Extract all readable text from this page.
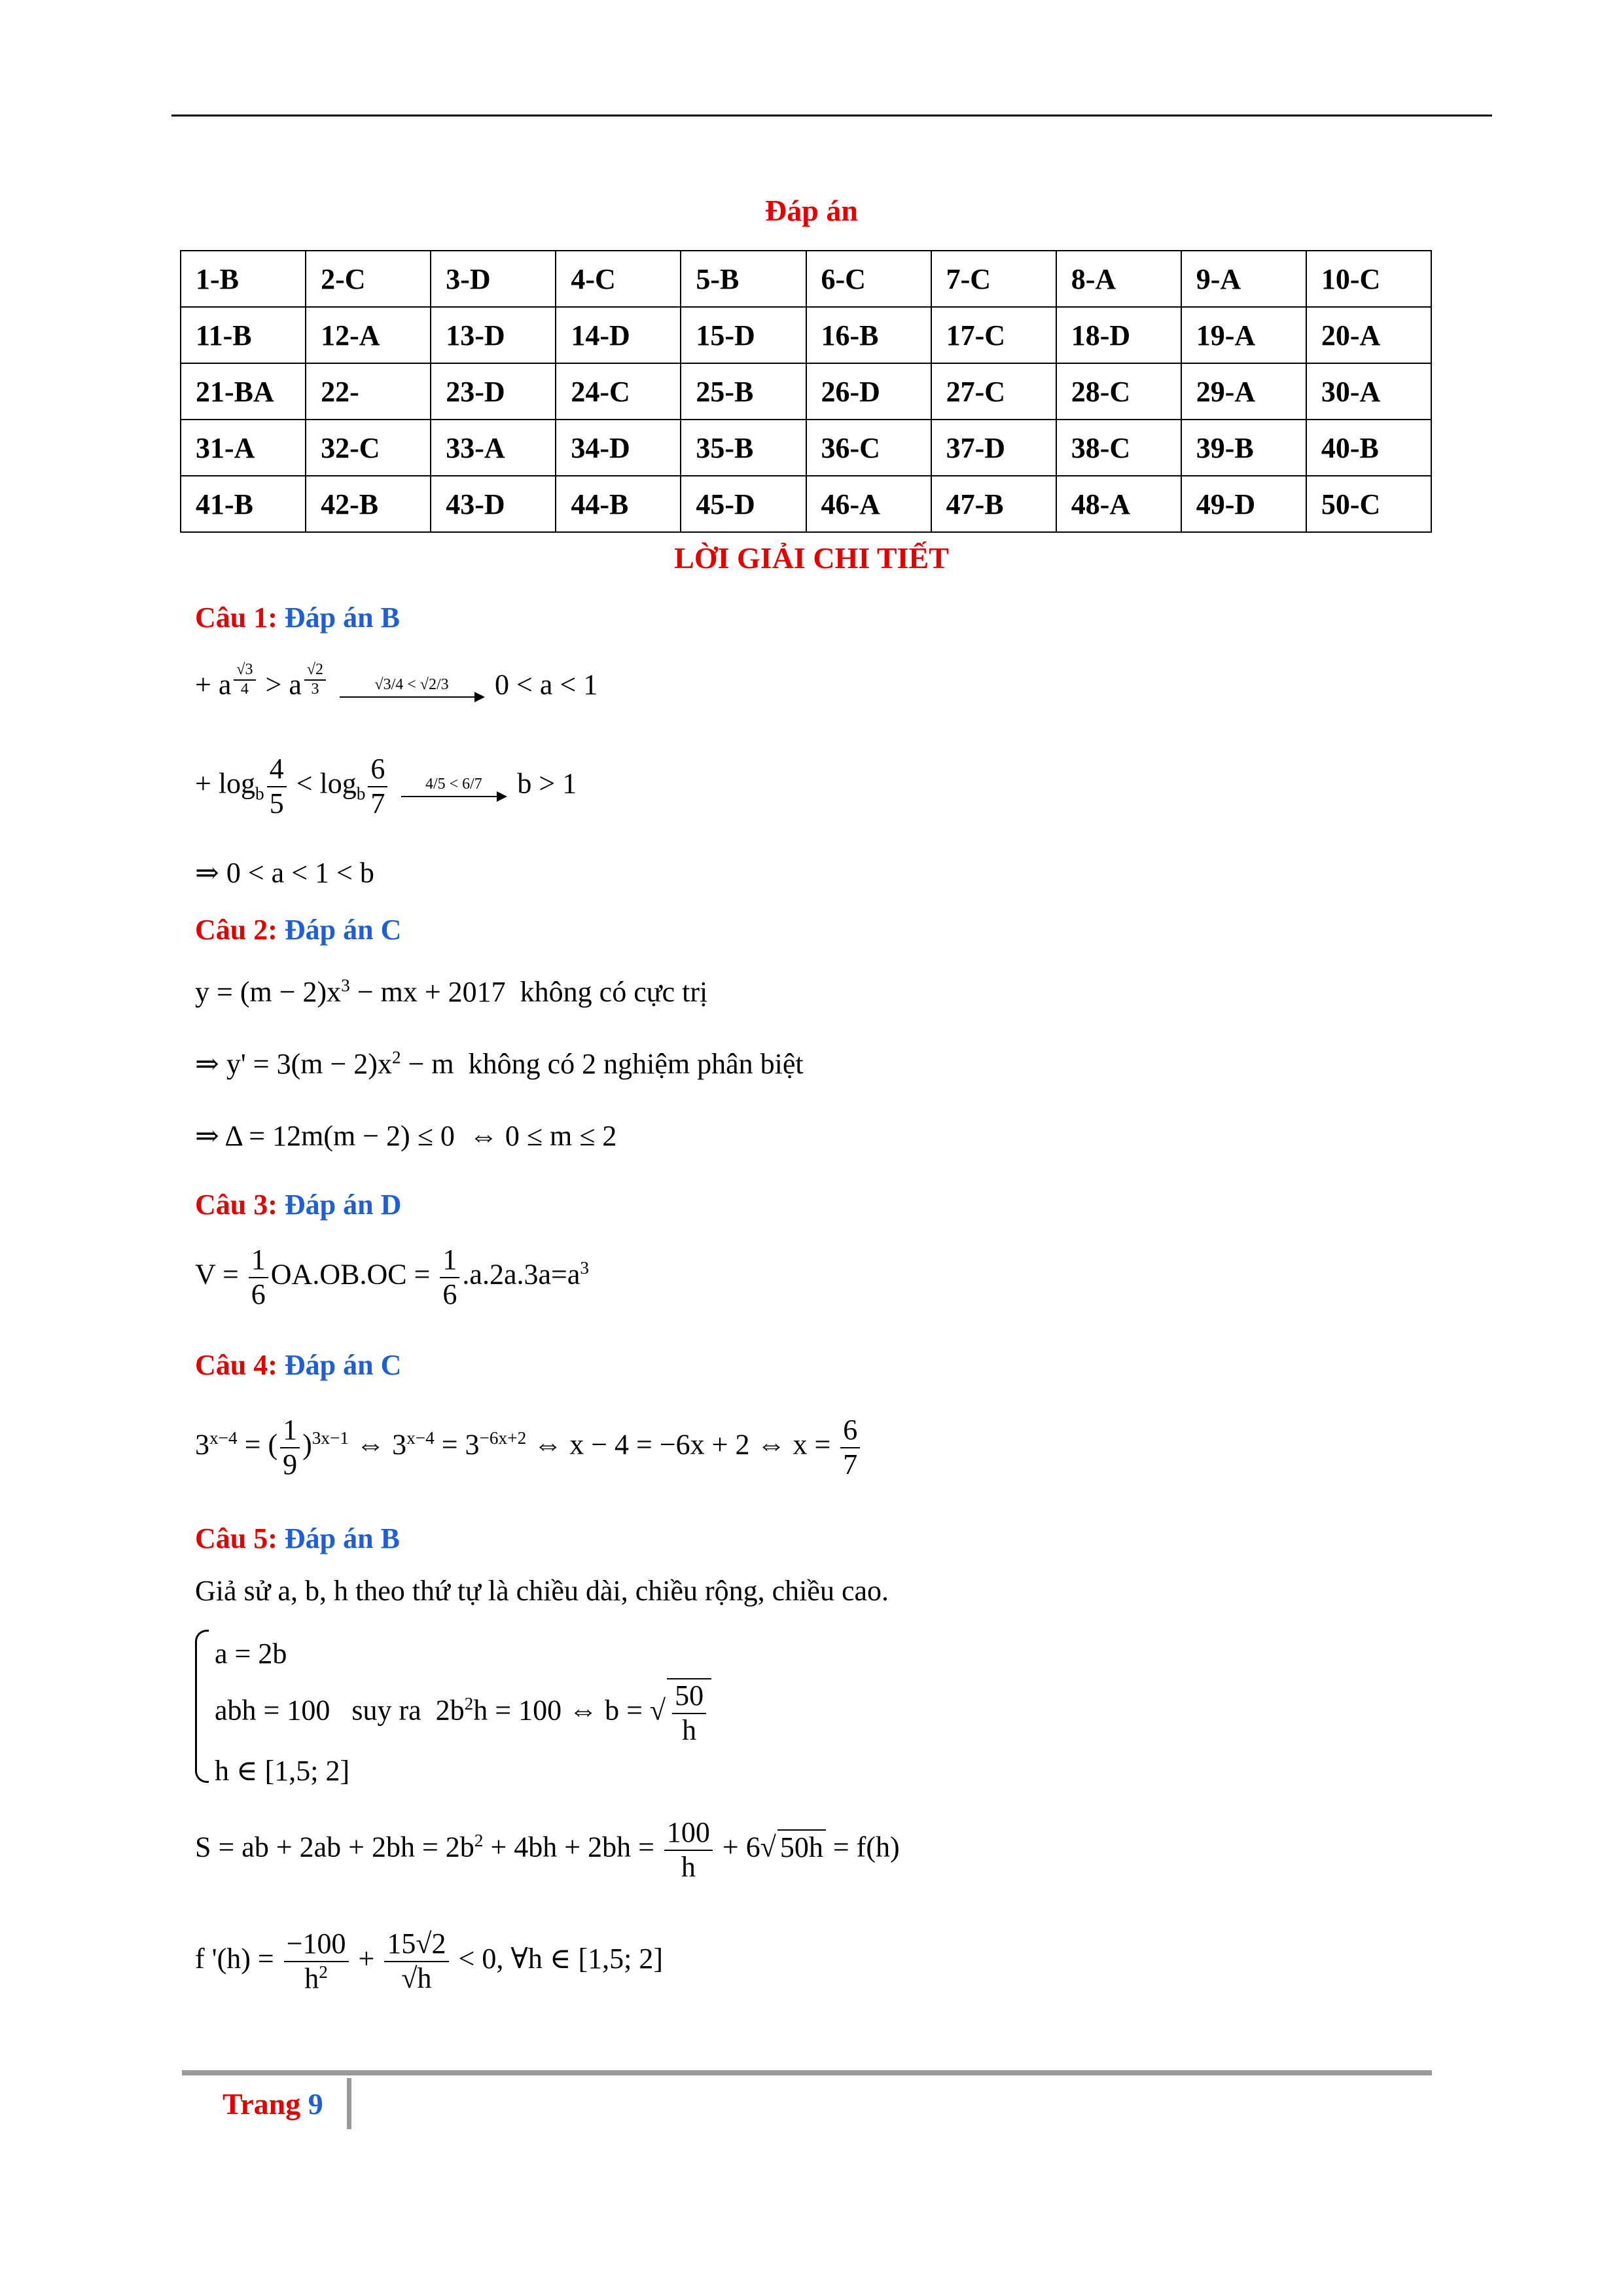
Đáp án
1-B	2-C	3-D	4-C	5-B	6-C	7-C	8-A	9-A	10-C
11-B	12-A	13-D	14-D	15-D	16-B	17-C	18-D	19-A	20-A
21-BA	22-	23-D	24-C	25-B	26-D	27-C	28-C	29-A	30-A
31-A	32-C	33-A	34-D	35-B	36-C	37-D	38-C	39-B	40-B
41-B	42-B	43-D	44-B	45-D	46-A	47-B	48-A	49-D	50-C
LỜI GIẢI CHI TIẾT
Câu 1: Đáp án B
+ a $^{\frac{√3}{4}}$ > a $^{\frac{√2}{3}}$
	√3/4 < √2/3	0 < a < 1
+ $\log_b \frac{4}{5} < \log_b \frac{6}{7}$
	4/5 < 6/7 b > 1
⇒ 0 < a < 1 < b
Câu 2: Đáp án C
$y = (m - 2)x^3$ − mx + 2017  không có cực trị
⇒ $y' = 3(m - 2)x^2 - m$  không có 2 nghiệm phân biệt
⇒ Δ = 12m(m − 2) ≤ 0  ⇔ 0 ≤ m ≤ 2
Câu 3: Đáp án D
$V = \frac{1}{6} OA.OB.OC = \frac{1}{6} .a.2a.3a=a^3$
Câu 4: Đáp án C
$3^{x-4}$ = ( $\frac{1}{9} )^{3x-1}$ ⇔ $3^{x-4} = 3^{-6x+2}$ ⇔ x − 4 = −6x + 2 ⇔ $x = \frac{6}{7}$
Câu 5: Đáp án B
Giả sử a, b, h theo thứ tự là chiều dài, chiều rộng, chiều cao.
a = 2b
abh = 100   suy ra  $2b^2h = 100$ ⇔ b = √ $\frac{50}{h}$

h ∈ [1,5; 2]
S = ab + $2ab + 2bh = 2b^2 + 4bh + 2bh = \frac{100}{h} + 6√$ 50h = f(h)
f '$(h) = \frac{-100}{h^2} + \frac{15√2}{√h} < 0$, ∀h ∈ [1,5; 2]
Trang 9
